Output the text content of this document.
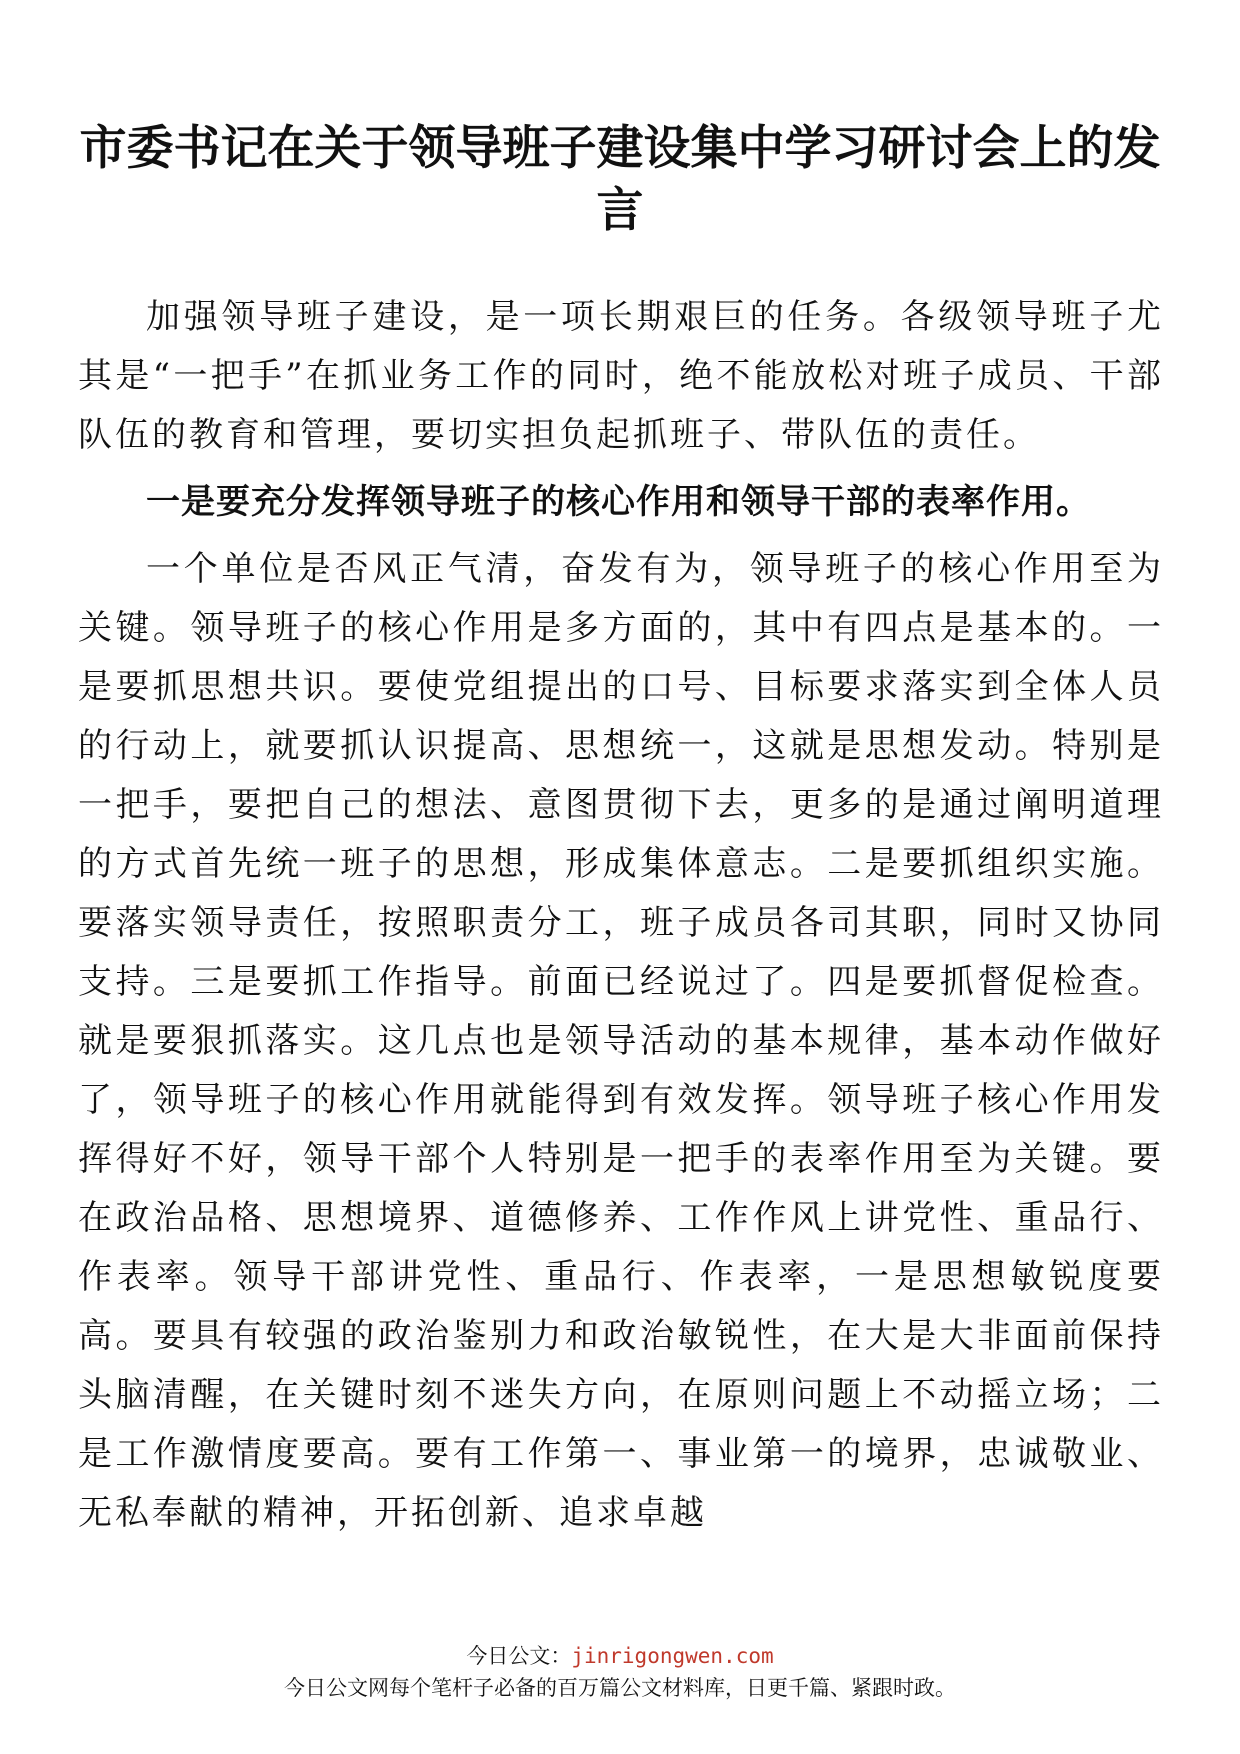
市委书记在关于领导班子建设集中学习研讨会上的发言

加强领导班子建设，是一项长期艰巨的任务。各级领导班子尤其是“一把手”在抓业务工作的同时，绝不能放松对班子成员、干部队伍的教育和管理，要切实担负起抓班子、带队伍的责任。

一是要充分发挥领导班子的核心作用和领导干部的表率作用。

一个单位是否风正气清，奋发有为，领导班子的核心作用至为关键。领导班子的核心作用是多方面的，其中有四点是基本的。一是要抓思想共识。要使党组提出的口号、目标要求落实到全体人员的行动上，就要抓认识提高、思想统一，这就是思想发动。特别是一把手，要把自己的想法、意图贯彻下去，更多的是通过阐明道理的方式首先统一班子的思想，形成集体意志。二是要抓组织实施。要落实领导责任，按照职责分工，班子成员各司其职，同时又协同支持。三是要抓工作指导。前面已经说过了。四是要抓督促检查。就是要狠抓落实。这几点也是领导活动的基本规律，基本动作做好了，领导班子的核心作用就能得到有效发挥。领导班子核心作用发挥得好不好，领导干部个人特别是一把手的表率作用至为关键。要在政治品格、思想境界、道德修养、工作作风上讲党性、重品行、作表率。领导干部讲党性、重品行、作表率，一是思想敏锐度要高。要具有较强的政治鉴别力和政治敏锐性，在大是大非面前保持头脑清醒，在关键时刻不迷失方向，在原则问题上不动摇立场；二是工作激情度要高。要有工作第一、事业第一的境界，忠诚敬业、无私奉献的精神，开拓创新、追求卓越

今日公文：jinrigongwen.com
今日公文网每个笔杆子必备的百万篇公文材料库，日更千篇、紧跟时政。
